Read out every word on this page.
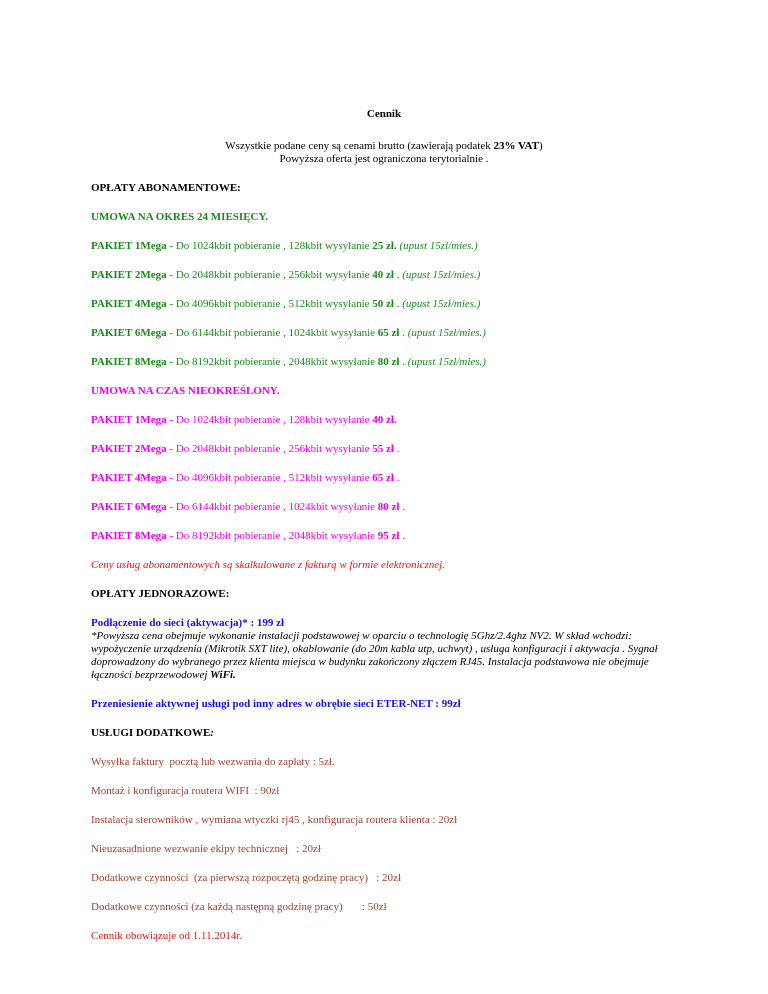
Cennik
Wszystkie podane ceny są cenami brutto (zawierają podatek 23% VAT)
Powyższa oferta jest ograniczona terytorialnie .
OPŁATY ABONAMENTOWE:
UMOWA NA OKRES 24 MIESIĘCY.
PAKIET 1Mega - Do 1024kbit pobieranie , 128kbit wysyłanie 25 zł. (upust 15zl/mies.)
PAKIET 2Mega - Do 2048kbit pobieranie , 256kbit wysyłanie 40 zł . (upust 15zl/mies.)
PAKIET 4Mega - Do 4096kbit pobieranie , 512kbit wysyłanie 50 zł . (upust 15zł/mies.)
PAKIET 6Mega - Do 6144kbit pobieranie , 1024kbit wysyłanie 65 zł . (upust 15zł/mies.)
PAKIET 8Mega - Do 8192kbit pobieranie , 2048kbit wysyłanie 80 zł . (upust 15zł/mies.)
UMOWA NA CZAS NIEOKREŚLONY.
PAKIET 1Mega - Do 1024kbit pobieranie , 128kbit wysyłanie 40 zł.
PAKIET 2Mega - Do 2048kbit pobieranie , 256kbit wysyłanie 55 zł .
PAKIET 4Mega - Do 4096kbit pobieranie , 512kbit wysyłanie 65 zł .
PAKIET 6Mega - Do 6144kbit pobieranie , 1024kbit wysyłanie 80 zł .
PAKIET 8Mega - Do 8192kbit pobieranie , 2048kbit wysyłanie 95 zł .
Ceny usług abonamentowych są skalkulowane z fakturą w formie elektronicznej.
OPŁATY JEDNORAZOWE:
Podłączenie do sieci (aktywacja)* : 199 zł
*Powyższa cena obejmuje wykonanie instalacji podstawowej w oparciu o technologię 5Ghz/2.4ghz NV2. W skład wchodzi: wypożyczenie urządzenia (Mikrotik SXT lite), okablowanie (do 20m kabla utp, uchwyt) , usługa konfiguracji i aktywacja . Sygnał doprowadzony do wybranego przez klienta miejsca w budynku zakończony złączem RJ45. Instalacja podstawowa nie obejmuje łączności bezprzewodowej WiFi.
Przeniesienie aktywnej usługi pod inny adres w obrębie sieci ETER-NET : 99zł
USŁUGI DODATKOWE:
Wysyłka faktury  pocztą lub wezwania do zapłaty : 5zł.
Montaż i konfiguracja routera WIFI  : 90zł
Instalacja sterowników , wymiana wtyczki rj45 , konfiguracja routera klienta : 20zł
Nieuzasadnione wezwanie ekipy technicznej   : 20zł
Dodatkowe czynności  (za pierwszą rozpoczętą godzinę pracy)   : 20zł
Dodatkowe czynności (za każdą następną godzinę pracy)       : 50zł
Cennik obowiązuje od 1.11.2014r.
